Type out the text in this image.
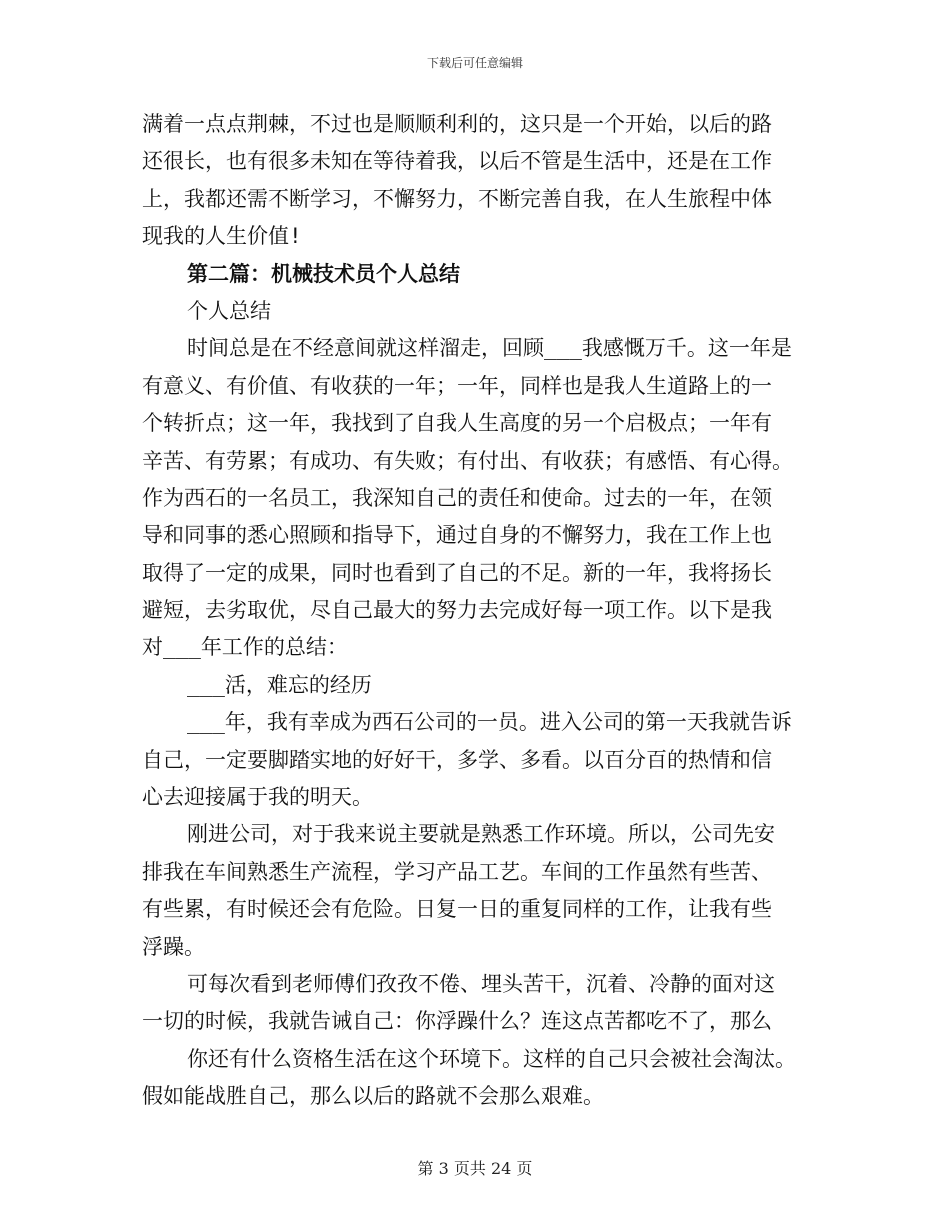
下载后可任意编辑
满着一点点荆棘，不过也是顺顺利利的，这只是一个开始，以后的路
还很长，也有很多未知在等待着我，以后不管是生活中，还是在工作
上，我都还需不断学习，不懈努力，不断完善自我，在人生旅程中体
现我的人生价值!
第二篇：机械技术员个人总结
个人总结
时间总是在不经意间就这样溜走，回顾___我感慨万千。这一年是
有意义、有价值、有收获的一年；一年，同样也是我人生道路上的一
个转折点；这一年，我找到了自我人生高度的另一个启极点；一年有
辛苦、有劳累；有成功、有失败；有付出、有收获；有感悟、有心得。
作为西石的一名员工，我深知自己的责任和使命。过去的一年，在领
导和同事的悉心照顾和指导下，通过自身的不懈努力，我在工作上也
取得了一定的成果，同时也看到了自己的不足。新的一年，我将扬长
避短，去劣取优，尽自己最大的努力去完成好每一项工作。以下是我
对___年工作的总结：
___活，难忘的经历
___年，我有幸成为西石公司的一员。进入公司的第一天我就告诉
自己，一定要脚踏实地的好好干，多学、多看。以百分百的热情和信
心去迎接属于我的明天。
刚进公司，对于我来说主要就是熟悉工作环境。所以，公司先安
排我在车间熟悉生产流程，学习产品工艺。车间的工作虽然有些苦、
有些累，有时候还会有危险。日复一日的重复同样的工作，让我有些
浮躁。
可每次看到老师傅们孜孜不倦、埋头苦干，沉着、冷静的面对这
一切的时候，我就告诫自己：你浮躁什么？连这点苦都吃不了，那么
你还有什么资格生活在这个环境下。这样的自己只会被社会淘汰。
假如能战胜自己，那么以后的路就不会那么艰难。
第 3 页共 24 页
